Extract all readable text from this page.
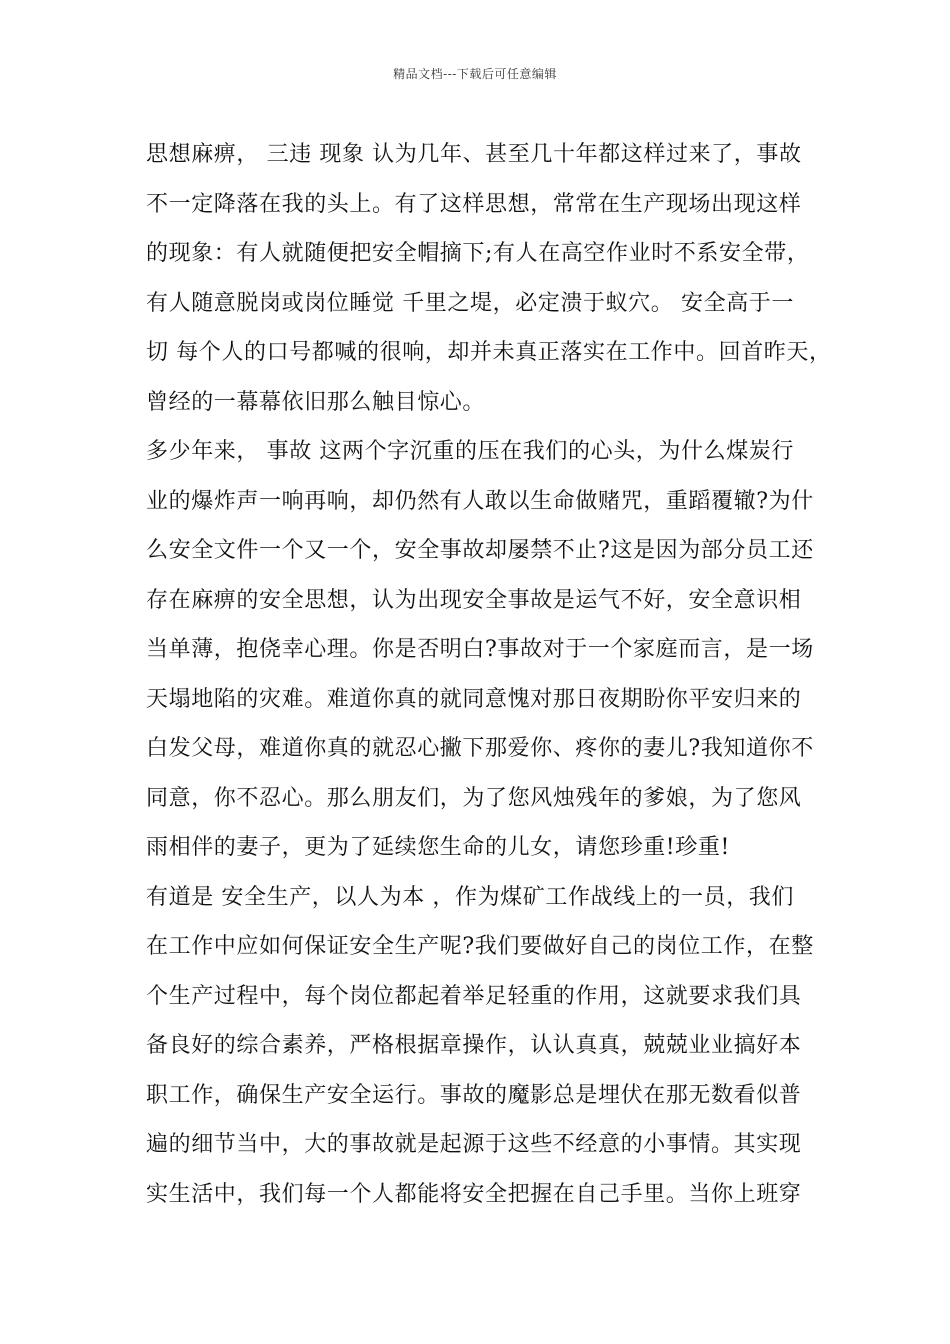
精品文档---下载后可任意编辑
思想麻痹， 三违 现象 认为几年、甚至几十年都这样过来了，事故
不一定降落在我的头上。有了这样思想，常常在生产现场出现这样
的现象：有人就随便把安全帽摘下;有人在高空作业时不系安全带，
有人随意脱岗或岗位睡觉 千里之堤，必定溃于蚁穴。 安全高于一
切 每个人的口号都喊的很响，却并未真正落实在工作中。回首昨天，
曾经的一幕幕依旧那么触目惊心。
多少年来， 事故 这两个字沉重的压在我们的心头，为什么煤炭行
业的爆炸声一响再响，却仍然有人敢以生命做赌咒，重蹈覆辙?为什
么安全文件一个又一个，安全事故却屡禁不止?这是因为部分员工还
存在麻痹的安全思想，认为出现安全事故是运气不好，安全意识相
当单薄，抱侥幸心理。你是否明白?事故对于一个家庭而言，是一场
天塌地陷的灾难。难道你真的就同意愧对那日夜期盼你平安归来的
白发父母，难道你真的就忍心撇下那爱你、疼你的妻儿?我知道你不
同意，你不忍心。那么朋友们，为了您风烛残年的爹娘，为了您风
雨相伴的妻子，更为了延续您生命的儿女，请您珍重!珍重!
有道是 安全生产，以人为本 ，作为煤矿工作战线上的一员，我们
在工作中应如何保证安全生产呢?我们要做好自己的岗位工作，在整
个生产过程中，每个岗位都起着举足轻重的作用，这就要求我们具
备良好的综合素养，严格根据章操作，认认真真，兢兢业业搞好本
职工作，确保生产安全运行。事故的魔影总是埋伏在那无数看似普
遍的细节当中，大的事故就是起源于这些不经意的小事情。其实现
实生活中，我们每一个人都能将安全把握在自己手里。当你上班穿
